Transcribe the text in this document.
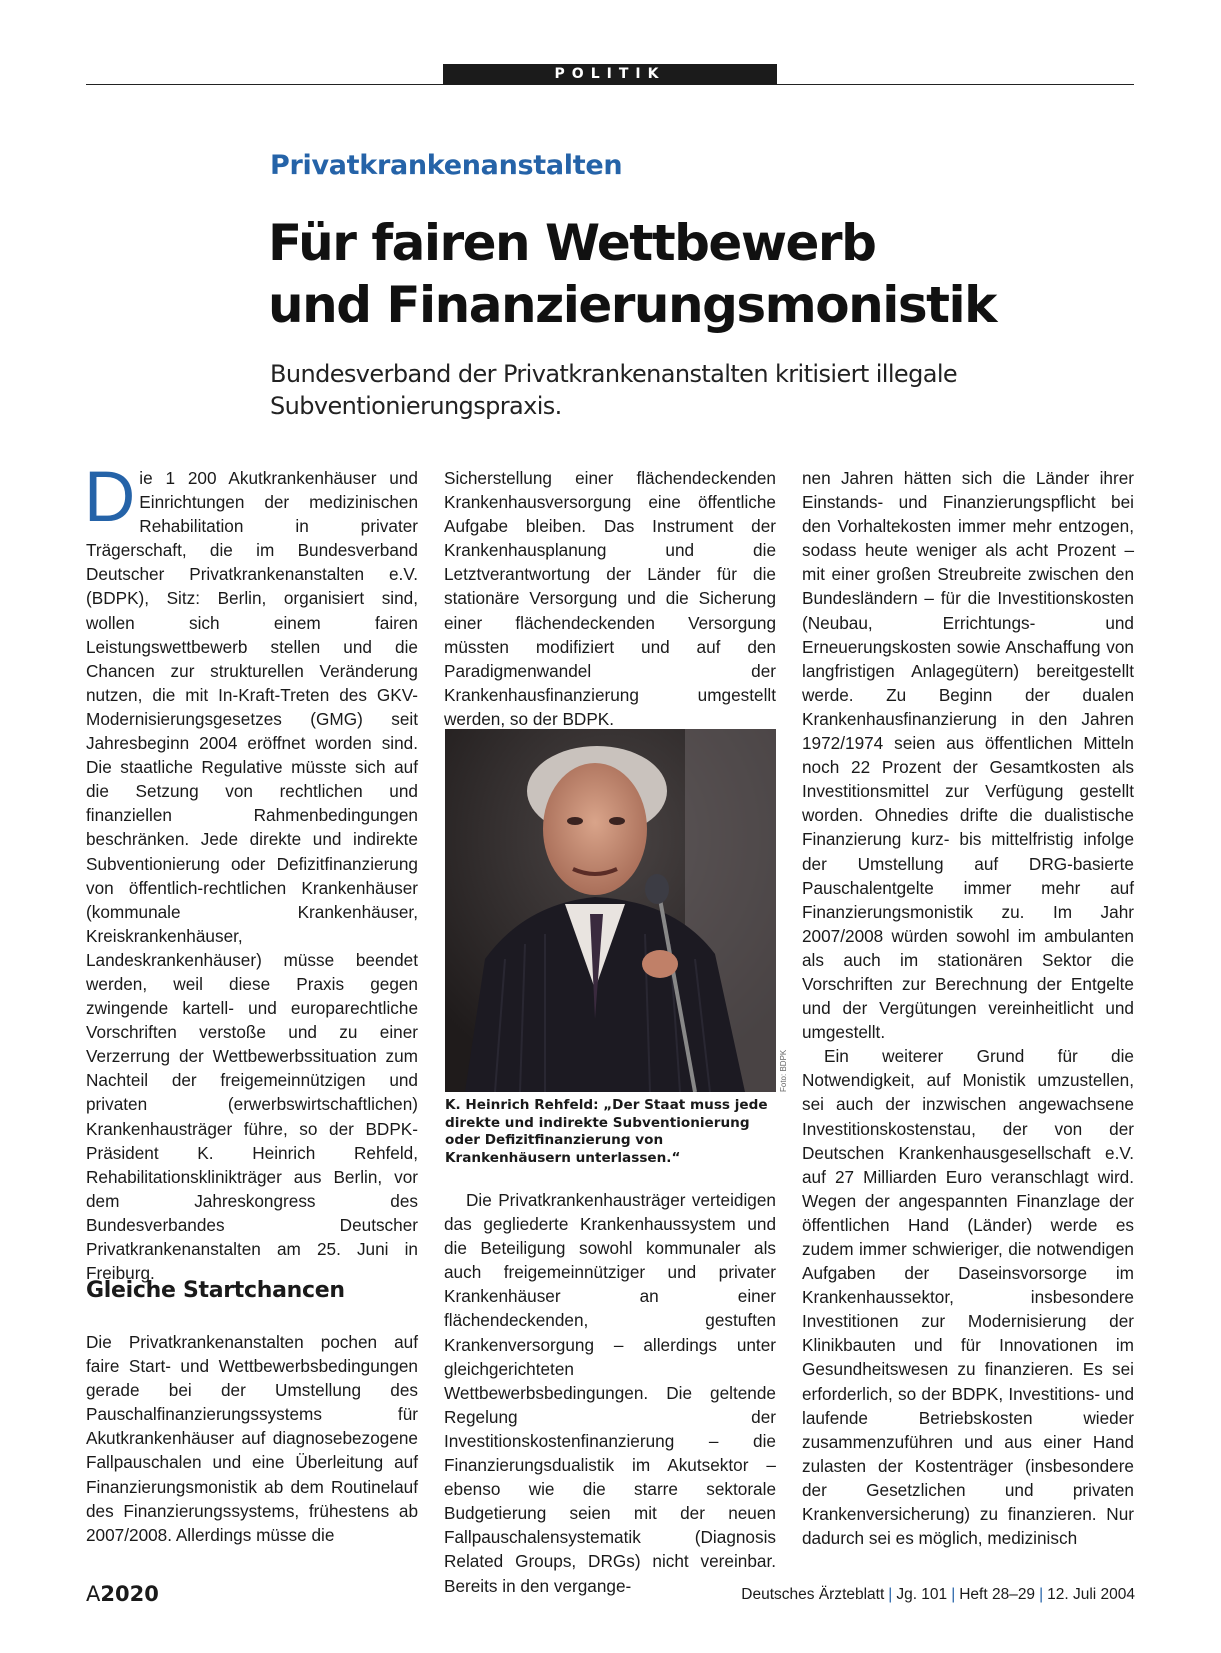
POLITIK
Privatkrankenanstalten
Für fairen Wettbewerb
und Finanzierungsmonistik
Bundesverband der Privatkrankenanstalten kritisiert illegale Subventionierungspraxis.

Die 1 200 Akutkrankenhäuser und Einrichtungen der medizinischen Rehabilitation in privater Trägerschaft, die im Bundesverband Deutscher Privatkrankenanstalten e.V. (BDPK), Sitz: Berlin, organisiert sind, wollen sich einem fairen Leistungswettbewerb stellen und die Chancen zur strukturellen Veränderung nutzen, die mit In-Kraft-Treten des GKV-Modernisierungsgesetzes (GMG) seit Jahresbeginn 2004 eröffnet worden sind. Die staatliche Regulative müsste sich auf die Setzung von rechtlichen und finanziellen Rahmenbedingungen beschränken. Jede direkte und indirekte Subventionierung oder Defizitfinanzierung von öffentlich-rechtlichen Krankenhäuser (kommunale Krankenhäuser, Kreiskrankenhäuser, Landeskrankenhäuser) müsse beendet werden, weil diese Praxis gegen zwingende kartell- und europarechtliche Vorschriften verstoße und zu einer Verzerrung der Wettbewerbssituation zum Nachteil der freigemeinnützigen und privaten (erwerbswirtschaftlichen) Krankenhausträger führe, so der BDPK-Präsident K. Heinrich Rehfeld, Rehabilitationsklinikträger aus Berlin, vor dem Jahreskongress des Bundesverbandes Deutscher Privatkrankenanstalten am 25. Juni in Freiburg.

Gleiche Startchancen

Die Privatkrankenanstalten pochen auf faire Start- und Wettbewerbsbedingungen gerade bei der Umstellung des Pauschalfinanzierungssystems für Akutkrankenhäuser auf diagnosebezogene Fallpauschalen und eine Überleitung auf Finanzierungsmonistik ab dem Routinelauf des Finanzierungssystems, frühestens ab 2007/2008. Allerdings müsse die

Sicherstellung einer flächendeckenden Krankenhausversorgung eine öffentliche Aufgabe bleiben. Das Instrument der Krankenhausplanung und die Letztverantwortung der Länder für die stationäre Versorgung und die Sicherung einer flächendeckenden Versorgung müssten modifiziert und auf den Paradigmenwandel der Krankenhausfinanzierung umgestellt werden, so der BDPK.

Foto: BDPK
K. Heinrich Rehfeld: „Der Staat muss jede direkte und indirekte Subventionierung oder Defizitfinanzierung von Krankenhäusern unterlassen.“

Die Privatkrankenhausträger verteidigen das gegliederte Krankenhaussystem und die Beteiligung sowohl kommunaler als auch freigemeinnütziger und privater Krankenhäuser an einer flächendeckenden, gestuften Krankenversorgung – allerdings unter gleichgerichteten Wettbewerbsbedingungen. Die geltende Regelung der Investitionskostenfinanzierung – die Finanzierungsdualistik im Akutsektor – ebenso wie die starre sektorale Budgetierung seien mit der neuen Fallpauschalensystematik (Diagnosis Related Groups, DRGs) nicht vereinbar. Bereits in den vergange-

nen Jahren hätten sich die Länder ihrer Einstands- und Finanzierungspflicht bei den Vorhaltekosten immer mehr entzogen, sodass heute weniger als acht Prozent – mit einer großen Streubreite zwischen den Bundesländern – für die Investitionskosten (Neubau, Errichtungs- und Erneuerungskosten sowie Anschaffung von langfristigen Anlagegütern) bereitgestellt werde. Zu Beginn der dualen Krankenhausfinanzierung in den Jahren 1972/1974 seien aus öffentlichen Mitteln noch 22 Prozent der Gesamtkosten als Investitionsmittel zur Verfügung gestellt worden. Ohnedies drifte die dualistische Finanzierung kurz- bis mittelfristig infolge der Umstellung auf DRG-basierte Pauschalentgelte immer mehr auf Finanzierungsmonistik zu. Im Jahr 2007/2008 würden sowohl im ambulanten als auch im stationären Sektor die Vorschriften zur Berechnung der Entgelte und der Vergütungen vereinheitlicht und umgestellt.

Ein weiterer Grund für die Notwendigkeit, auf Monistik umzustellen, sei auch der inzwischen angewachsene Investitionskostenstau, der von der Deutschen Krankenhausgesellschaft e.V. auf 27 Milliarden Euro veranschlagt wird. Wegen der angespannten Finanzlage der öffentlichen Hand (Länder) werde es zudem immer schwieriger, die notwendigen Aufgaben der Daseinsvorsorge im Krankenhaussektor, insbesondere Investitionen zur Modernisierung der Klinikbauten und für Innovationen im Gesundheitswesen zu finanzieren. Es sei erforderlich, so der BDPK, Investitions- und laufende Betriebskosten wieder zusammenzuführen und aus einer Hand zulasten der Kostenträger (insbesondere der Gesetzlichen und privaten Krankenversicherung) zu finanzieren. Nur dadurch sei es möglich, medizinisch

A2020	Deutsches Ärzteblatt | Jg. 101 | Heft 28–29 | 12. Juli 2004
